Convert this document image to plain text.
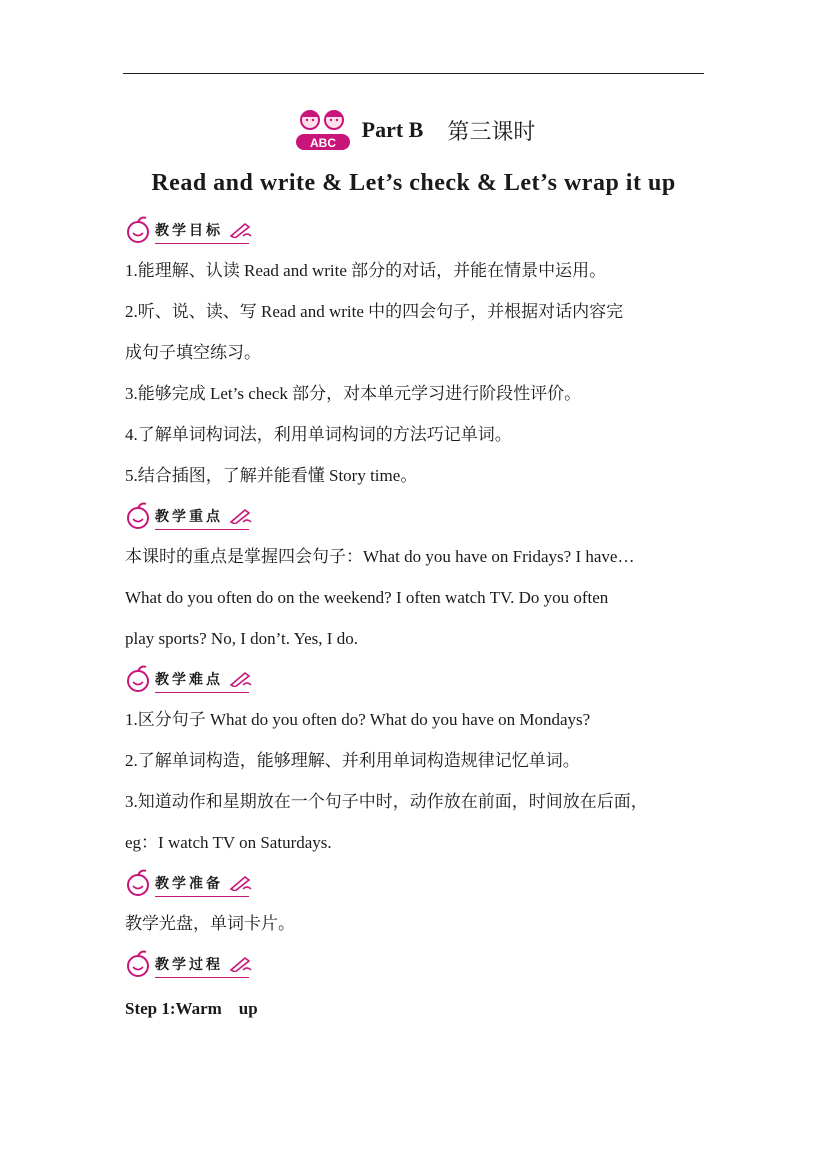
ABC
Part B 第三课时
Read and write & Let’s check & Let’s wrap it up
教学目标

1.能理解、认读 Read and write 部分的对话，并能在情景中运用。

2.听、说、读、写 Read and write 中的四会句子，并根据对话内容完

成句子填空练习。

3.能够完成 Let’s check 部分，对本单元学习进行阶段性评价。

4.了解单词构词法，利用单词构词的方法巧记单词。

5.结合插图，了解并能看懂 Story time。

教学重点

本课时的重点是掌握四会句子：What do you have on Fridays? I have…

What do you often do on the weekend? I often watch TV. Do you often

play sports? No, I don’t. Yes, I do.

教学难点

1.区分句子 What do you often do? What do you have on Mondays?

2.了解单词构造，能够理解、并利用单词构造规律记忆单词。

3.知道动作和星期放在一个句子中时，动作放在前面，时间放在后面，

eg：I watch TV on Saturdays.

教学准备

教学光盘，单词卡片。

教学过程
Step 1:Warm    up
